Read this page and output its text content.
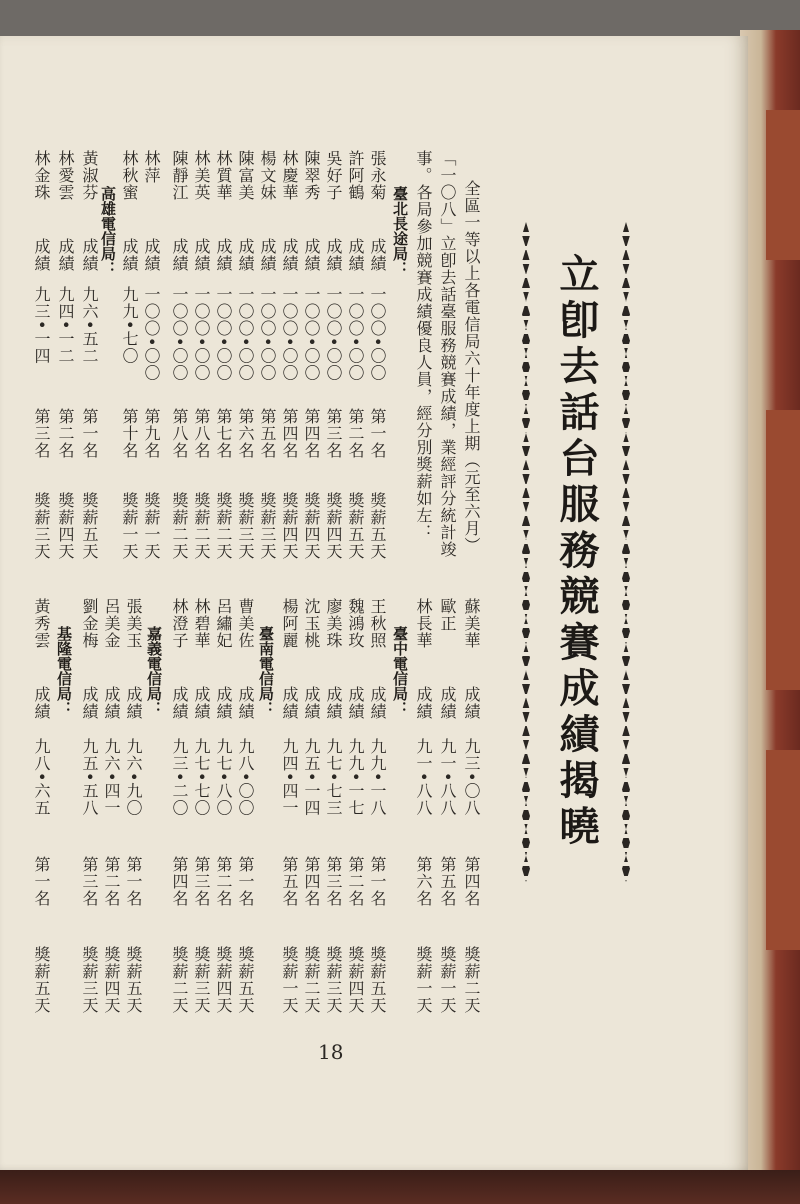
立卽去話台服務競賽成績揭曉
全區一等以上各電信局六十年度上期（元至六月）
「一〇八」立卽去話臺服務競賽成績，業經評分統計竣
事。各局參加競賽成績優良人員，經分別獎薪如左：
臺北長途局：
高雄電信局：
張永菊
成績
一〇〇•〇〇
第一名
獎薪五天
許阿鶴
成績
一〇〇•〇〇
第二名
獎薪五天
吳好子
成績
一〇〇•〇〇
第三名
獎薪四天
陳翠秀
成績
一〇〇•〇〇
第四名
獎薪四天
林慶華
成績
一〇〇•〇〇
第四名
獎薪四天
楊文妹
成績
一〇〇•〇〇
第五名
獎薪三天
陳富美
成績
一〇〇•〇〇
第六名
獎薪三天
林質華
成績
一〇〇•〇〇
第七名
獎薪二天
林美英
成績
一〇〇•〇〇
第八名
獎薪二天
陳靜江
成績
一〇〇•〇〇
第八名
獎薪二天
林萍
成績
一〇〇•〇〇
第九名
獎薪一天
林秋蜜
成績
九九•七〇
第十名
獎薪一天
黃淑芬
成績
九六•五二
第一名
獎薪五天
林愛雲
成績
九四•一二
第二名
獎薪四天
林金珠
成績
九三•一四
第三名
獎薪三天
臺中電信局：
臺南電信局：
嘉義電信局：
基隆電信局：
蘇美華
成績
九三•〇八
第四名
獎薪二天
歐正
成績
九一•八八
第五名
獎薪一天
林長華
成績
九一•八八
第六名
獎薪一天
王秋照
成績
九九•一八
第一名
獎薪五天
魏鴻玫
成績
九九•一七
第二名
獎薪四天
廖美珠
成績
九七•七三
第三名
獎薪三天
沈玉桃
成績
九五•一四
第四名
獎薪二天
楊阿麗
成績
九四•四一
第五名
獎薪一天
曹美佐
成績
九八•〇〇
第一名
獎薪五天
呂繡妃
成績
九七•八〇
第二名
獎薪四天
林碧華
成績
九七•七〇
第三名
獎薪三天
林澄子
成績
九三•二〇
第四名
獎薪二天
張美玉
成績
九六•九〇
第一名
獎薪五天
呂美金
成績
九六•四一
第二名
獎薪四天
劉金梅
成績
九五•五八
第三名
獎薪三天
黃秀雲
成績
九八•六五
第一名
獎薪五天
18
